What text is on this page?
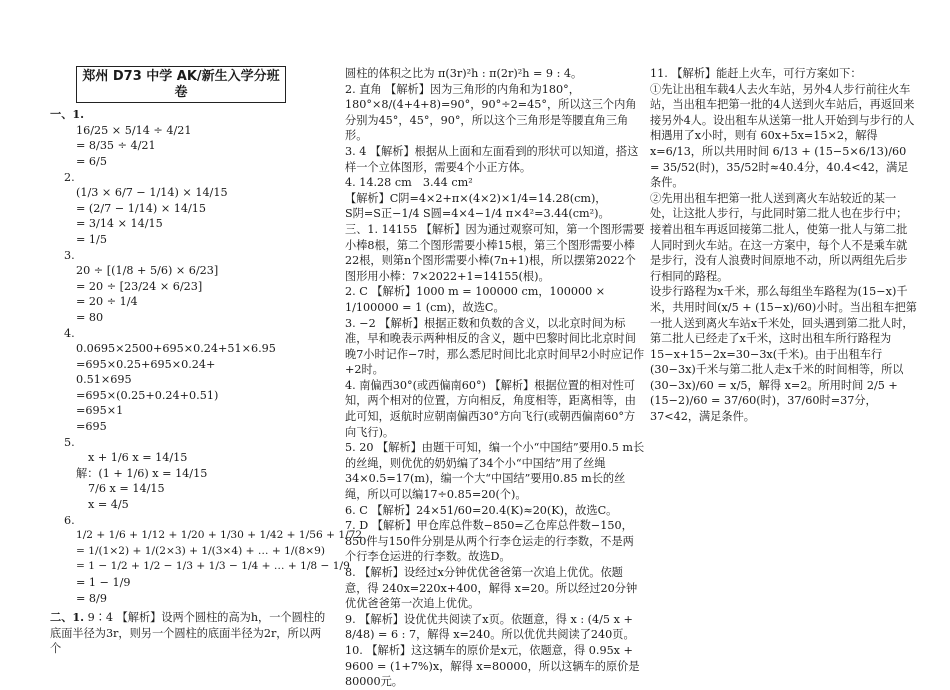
郑州 D73 中学 AK/新生入学分班卷
一、1.
16/25 × 5/14 ÷ 4/21
= 8/35 ÷ 4/21
= 6/5
2.
(1/3 × 6/7 − 1/14) × 14/15
= (2/7 − 1/14) × 14/15
= 3/14 × 14/15
= 1/5
3.
20 ÷ [(1/8 + 5/6) × 6/23]
= 20 ÷ [23/24 × 6/23]
= 20 ÷ 1/4
= 80
4.
0.0695×2500+695×0.24+51×6.95
=695×0.25+695×0.24+
0.51×695
=695×(0.25+0.24+0.51)
=695×1
=695
5.
x + 1/6 x = 14/15
解：(1 + 1/6) x = 14/15
7/6 x = 14/15
x = 4/5
6.
1/2 + 1/6 + 1/12 + 1/20 + 1/30 + 1/42 + 1/56 + 1/72
= 1/(1×2) + 1/(2×3) + 1/(3×4) + … + 1/(8×9)
= 1 − 1/2 + 1/2 − 1/3 + 1/3 − 1/4 + … + 1/8 − 1/9
= 1 − 1/9
= 8/9
二、1. 9∶4 【解析】设两个圆柱的高为h，一个圆柱的底面半径为3r，则另一个圆柱的底面半径为2r，所以两个
圆柱的体积之比为 π(3r)²h : π(2r)²h = 9 : 4。
2. 直角 【解析】因为三角形的内角和为180°，180°×8/(4+4+8)=90°，90°÷2=45°，所以这三个内角分别为45°，45°，90°，所以这个三角形是等腰直角三角形。
3. 4 【解析】根据从上面和左面看到的形状可以知道，搭这样一个立体图形，需要4个小正方体。
4. 14.28 cm　3.44 cm²
【解析】C阴=4×2+π×(4×2)×1/4=14.28(cm)，
S阴=S正−1/4 S圆=4×4−1/4 π×4²=3.44(cm²)。
三、1. 14155 【解析】因为通过观察可知，第一个图形需要小棒8根，第二个图形需要小棒15根，第三个图形需要小棒22根，则第n个图形需要小棒(7n+1)根，所以摆第2022个图形用小棒：7×2022+1=14155(根)。
2. C 【解析】1000 m = 100000 cm，100000 × 1/100000 = 1 (cm)，故选C。
3. −2 【解析】根据正数和负数的含义，以北京时间为标准，早和晚表示两种相反的含义，题中巴黎时间比北京时间晚7小时记作−7时，那么悉尼时间比北京时间早2小时应记作+2时。
4. 南偏西30°(或西偏南60°) 【解析】根据位置的相对性可知，两个相对的位置，方向相反，角度相等，距离相等，由此可知，返航时应朝南偏西30°方向飞行(或朝西偏南60°方向飞行)。
5. 20 【解析】由题干可知，编一个小“中国结”要用0.5 m长的丝绳，则优优的奶奶编了34个小“中国结”用了丝绳34×0.5=17(m)，编一个大“中国结”要用0.85 m长的丝绳，所以可以编17÷0.85=20(个)。
6. C 【解析】24×51/60=20.4(K)≈20(K)，故选C。
7. D 【解析】甲仓库总件数−850=乙仓库总件数−150，850件与150件分别是从两个行李仓运走的行李数，不是两个行李仓运进的行李数。故选D。
8. 【解析】设经过x分钟优优爸爸第一次追上优优。依题意，得 240x=220x+400，解得 x=20。所以经过20分钟优优爸爸第一次追上优优。
9. 【解析】设优优共阅读了x页。依题意，得 x : (4/5 x + 8/48) = 6 : 7，解得 x=240。所以优优共阅读了240页。
10. 【解析】这这辆车的原价是x元，依题意，得 0.95x + 9600 = (1+7%)x，解得 x=80000，所以这辆车的原价是80000元。
11. 【解析】能赶上火车，可行方案如下：
①先让出租车载4人去火车站，另外4人步行前往火车站，当出租车把第一批的4人送到火车站后，再返回来接另外4人。设出租车从送第一批人开始到与步行的人相遇用了x小时，则有 60x+5x=15×2，解得 x=6/13，所以共用时间 6/13 + (15−5×6/13)/60 = 35/52(时)，35/52时≈40.4分，40.4<42，满足条件。
②先用出租车把第一批人送到离火车站较近的某一处，让这批人步行，与此同时第二批人也在步行中；接着出租车再返回接第二批人，使第一批人与第二批人同时到火车站。在这一方案中，每个人不是乘车就是步行，没有人浪费时间原地不动，所以两组先后步行相同的路程。
设步行路程为x千米，那么每组坐车路程为(15−x)千米，共用时间(x/5 + (15−x)/60)小时。当出租车把第一批人送到离火车站x千米处，回头遇到第二批人时，第二批人已经走了x千米，这时出租车所行路程为15−x+15−2x=30−3x(千米)。由于出租车行(30−3x)千米与第二批人走x千米的时间相等，所以(30−3x)/60 = x/5，解得 x=2。所用时间 2/5 + (15−2)/60 = 37/60(时)，37/60时=37分，37<42，满足条件。
